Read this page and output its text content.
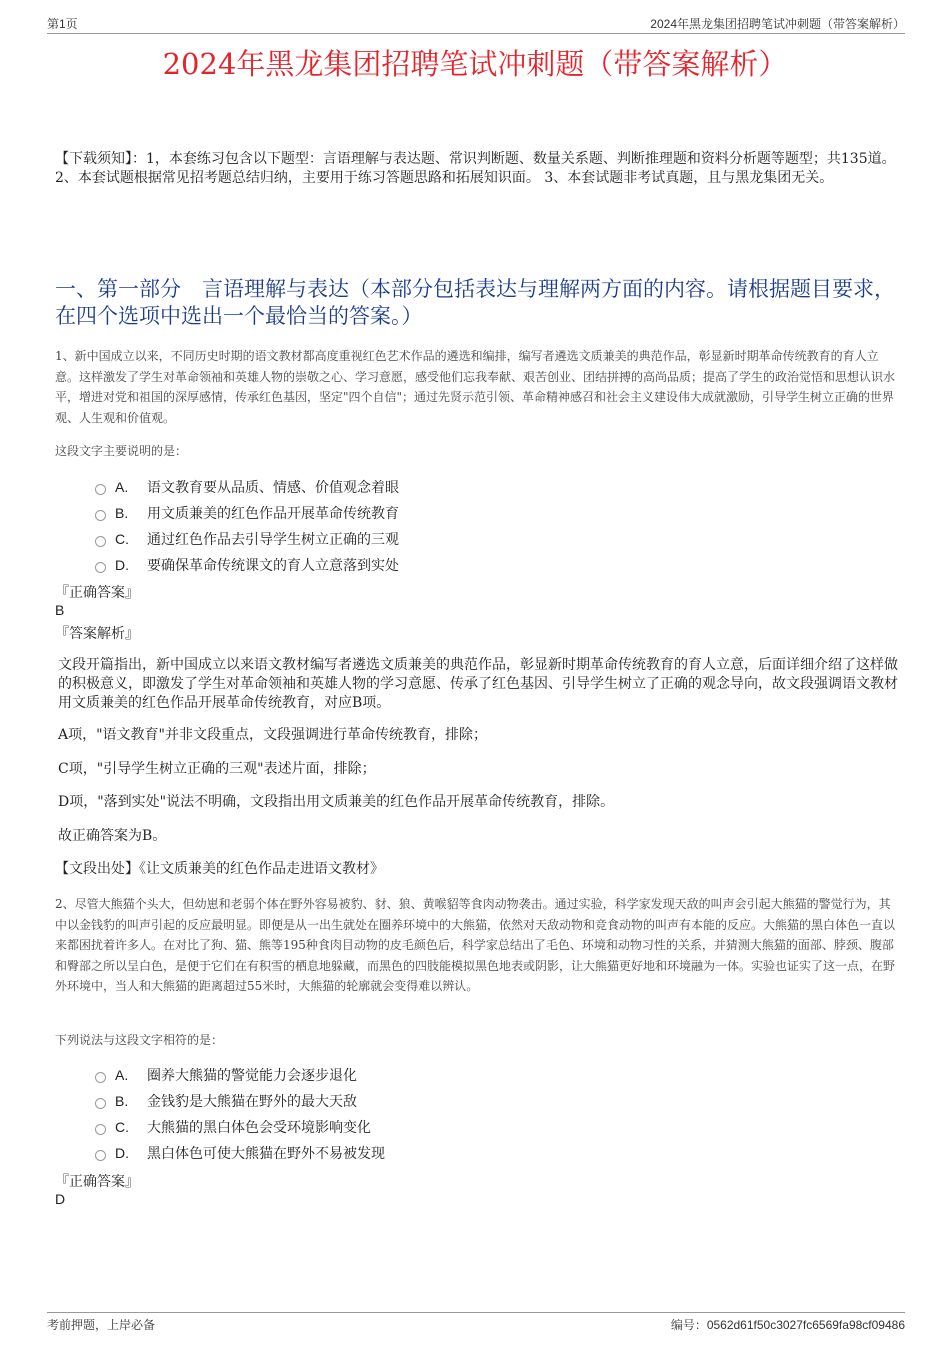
第1页	2024年黑龙集团招聘笔试冲刺题（带答案解析）
2024年黑龙集团招聘笔试冲刺题（带答案解析）
【下载须知】：1，本套练习包含以下题型：言语理解与表达题、常识判断题、数量关系题、判断推理题和资料分析题等题型；共135道。 2、本套试题根据常见招考题总结归纳，主要用于练习答题思路和拓展知识面。 3、本套试题非考试真题，且与黑龙集团无关。
一、第一部分　言语理解与表达（本部分包括表达与理解两方面的内容。请根据题目要求，在四个选项中选出一个最恰当的答案。）
1、新中国成立以来，不同历史时期的语文教材都高度重视红色艺术作品的遴选和编排，编写者遴选文质兼美的典范作品，彰显新时期革命传统教育的育人立意。这样激发了学生对革命领袖和英雄人物的崇敬之心、学习意愿，感受他们忘我奉献、艰苦创业、团结拼搏的高尚品质；提高了学生的政治觉悟和思想认识水平，增进对党和祖国的深厚感情，传承红色基因，坚定"四个自信"；通过先贤示范引领、革命精神感召和社会主义建设伟大成就激励，引导学生树立正确的世界观、人生观和价值观。
这段文字主要说明的是：
A.	语文教育要从品质、情感、价值观念着眼
B.	用文质兼美的红色作品开展革命传统教育
C.	通过红色作品去引导学生树立正确的三观
D.	要确保革命传统课文的育人立意落到实处
『正确答案』
B
『答案解析』
文段开篇指出，新中国成立以来语文教材编写者遴选文质兼美的典范作品，彰显新时期革命传统教育的育人立意，后面详细介绍了这样做的积极意义，即激发了学生对革命领袖和英雄人物的学习意愿、传承了红色基因、引导学生树立了正确的观念导向，故文段强调语文教材用文质兼美的红色作品开展革命传统教育，对应B项。
A项，"语文教育"并非文段重点，文段强调进行革命传统教育，排除；
C项，"引导学生树立正确的三观"表述片面，排除；
D项，"落到实处"说法不明确，文段指出用文质兼美的红色作品开展革命传统教育，排除。
故正确答案为B。
【文段出处】《让文质兼美的红色作品走进语文教材》
2、尽管大熊猫个头大，但幼崽和老弱个体在野外容易被豹、豺、狼、黄喉貂等食肉动物袭击。通过实验，科学家发现天敌的叫声会引起大熊猫的警觉行为，其中以金钱豹的叫声引起的反应最明显。即便是从一出生就处在圈养环境中的大熊猫，依然对天敌动物和竞食动物的叫声有本能的反应。大熊猫的黑白体色一直以来都困扰着许多人。在对比了狗、猫、熊等195种食肉目动物的皮毛颜色后，科学家总结出了毛色、环境和动物习性的关系，并猜测大熊猫的面部、脖颈、腹部和臀部之所以呈白色，是便于它们在有积雪的栖息地躲藏，而黑色的四肢能模拟黑色地表或阴影，让大熊猫更好地和环境融为一体。实验也证实了这一点，在野外环境中，当人和大熊猫的距离超过55米时，大熊猫的轮廓就会变得难以辨认。
下列说法与这段文字相符的是：
A.	圈养大熊猫的警觉能力会逐步退化
B.	金钱豹是大熊猫在野外的最大天敌
C.	大熊猫的黑白体色会受环境影响变化
D.	黑白体色可使大熊猫在野外不易被发现
『正确答案』
D
考前押题，上岸必备	编号：0562d61f50c3027fc6569fa98cf09486
